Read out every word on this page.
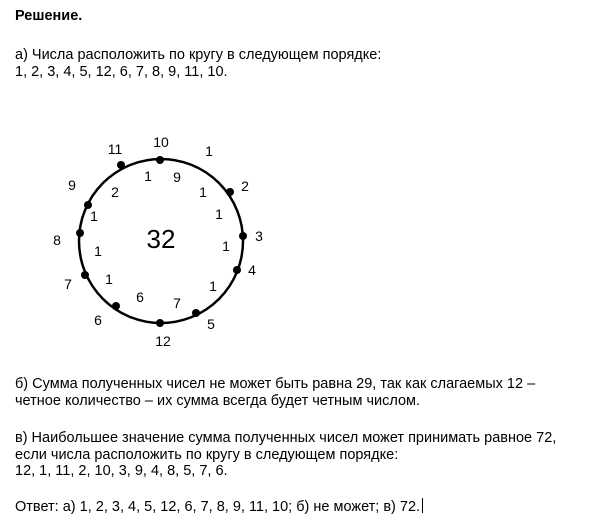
Решение.
а) Числа расположить по кругу в следующем порядке:
1, 2, 3, 4, 5, 12, 6, 7, 8, 9, 11, 10.
32
10
1
2
3
4
5
12
6
7
8
9
11
9
1
1
1
1
1
7
6
1
1
1
2
б) Сумма полученных чисел не может быть равна 29, так как слагаемых 12 –
четное количество – их сумма всегда будет четным числом.
в) Наибольшее значение сумма полученных чисел может принимать равное 72,
если числа расположить по кругу в следующем порядке:
12, 1, 11, 2, 10, 3, 9, 4, 8, 5, 7, 6.
Ответ: а) 1, 2, 3, 4, 5, 12, 6, 7, 8, 9, 11, 10; б) не может; в) 72.
